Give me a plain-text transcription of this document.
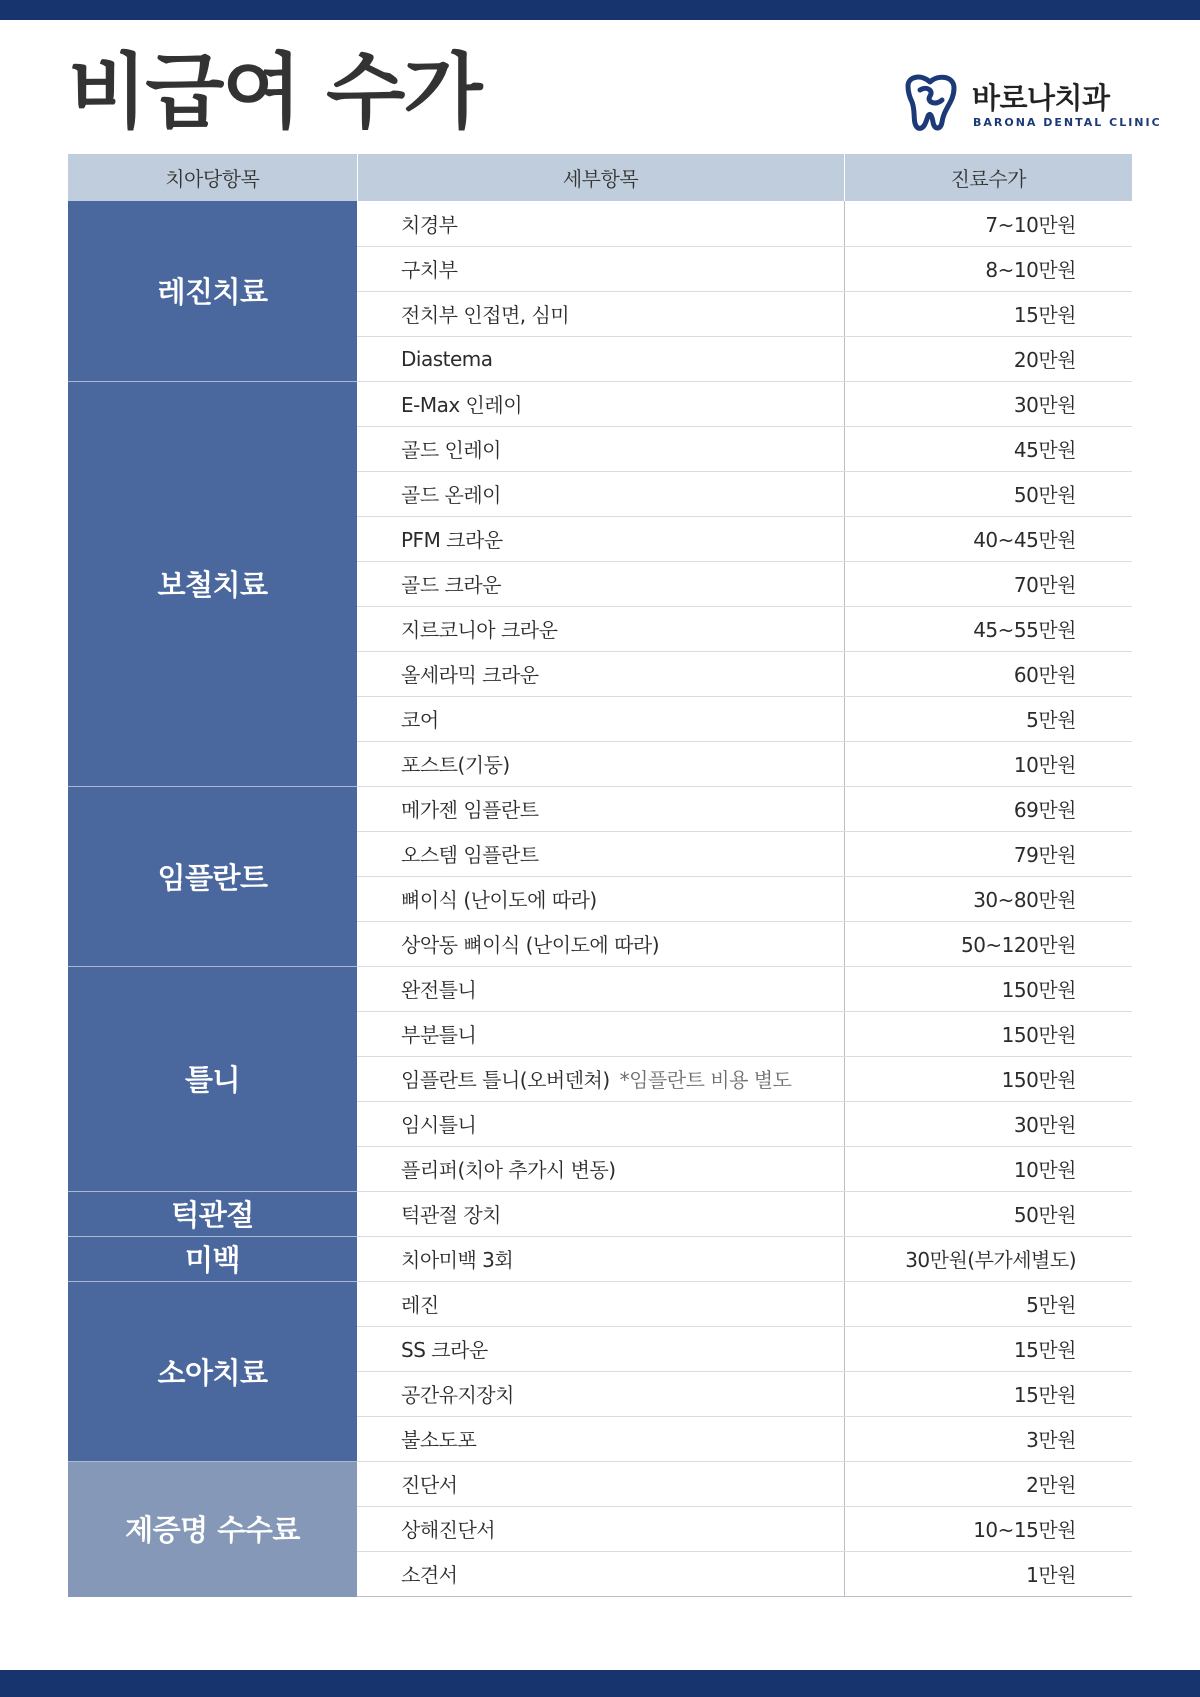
비급여 수가	바로나치과
BARONA DENTAL CLINIC
치아당항목	세부항목	진료수가
레진치료	치경부	7~10만원
	구치부	8~10만원
	전치부 인접면, 심미	15만원
	Diastema	20만원
보철치료	E-Max 인레이	30만원
	골드 인레이	45만원
	골드 온레이	50만원
	PFM 크라운	40~45만원
	골드 크라운	70만원
	지르코니아 크라운	45~55만원
	올세라믹 크라운	60만원
	코어	5만원
	포스트(기둥)	10만원
임플란트	메가젠 임플란트	69만원
	오스템 임플란트	79만원
	뼈이식 (난이도에 따라)	30~80만원
	상악동 뼈이식 (난이도에 따라)	50~120만원
틀니	완전틀니	150만원
	부분틀니	150만원
	임플란트 틀니(오버덴쳐) *임플란트 비용 별도	150만원
	임시틀니	30만원
	플리퍼(치아 추가시 변동)	10만원
턱관절	턱관절 장치	50만원
미백	치아미백 3회	30만원(부가세별도)
소아치료	레진	5만원
	SS 크라운	15만원
	공간유지장치	15만원
	불소도포	3만원
제증명 수수료	진단서	2만원
	상해진단서	10~15만원
	소견서	1만원
